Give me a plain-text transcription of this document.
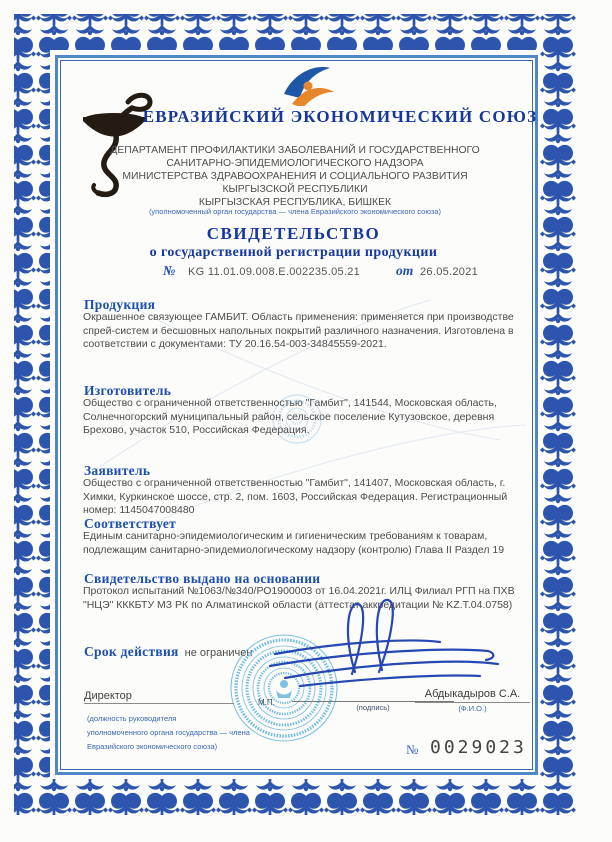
ЕВРАЗИЙСКИЙ ЭКОНОМИЧЕСКИЙ СОЮЗ
ДЕПАРТАМЕНТ ПРОФИЛАКТИКИ ЗАБОЛЕВАНИЙ И ГОСУДАРСТВЕННОГО
САНИТАРНО-ЭПИДЕМИОЛОГИЧЕСКОГО НАДЗОРА
МИНИСТЕРСТВА ЗДРАВООХРАНЕНИЯ И СОЦИАЛЬНОГО РАЗВИТИЯ
КЫРГЫЗСКОЙ РЕСПУБЛИКИ
КЫРГЫЗСКАЯ РЕСПУБЛИКА, БИШКЕК
(уполномоченный орган государства — члена Евразийского экономического союза)
СВИДЕТЕЛЬСТВО
о государственной регистрации продукции
№ KG 11.01.09.008.E.002235.05.21	от 26.05.2021
Продукция
Окрашенное связующее ГАМБИТ. Область применения: применяется при производстве спрей-систем и бесшовных напольных покрытий различного назначения. Изготовлена в соответствии с документами: ТУ 20.16.54-003-34845559-2021.
Изготовитель
Общество с ограниченной ответственностью "Гамбит", 141544, Московская область, Солнечногорский муниципальный район, сельское поселение Кутузовское, деревня Брехово, участок 510, Российская Федерация.
Заявитель
Общество с ограниченной ответственностью "Гамбит", 141407, Московская область, г. Химки, Куркинское шоссе, стр. 2, пом. 1603, Российская Федерация. Регистрационный номер: 1145047008480
Соответствует
Единым санитарно-эпидемиологическим и гигиеническим требованиям к товарам, подлежащим санитарно-эпидемиологическому надзору (контролю) Глава II Раздел 19
Свидетельство выдано на основании
Протокол испытаний №1063/№340/РО1900003 от 16.04.2021г. ИЛЦ Филиал РГП на ПХВ "НЦЭ" КККБТУ МЗ РК по Алматинской области (аттестат аккредитации № KZ.T.04.0758)
Срок действия не ограничен
Директор
(должность руководителя
уполномоченного органа государства — члена
Евразийского экономического союза)
М.П.
(подпись)
Абдыкадыров С.А.
(Ф.И.О.)
№ 0029023
